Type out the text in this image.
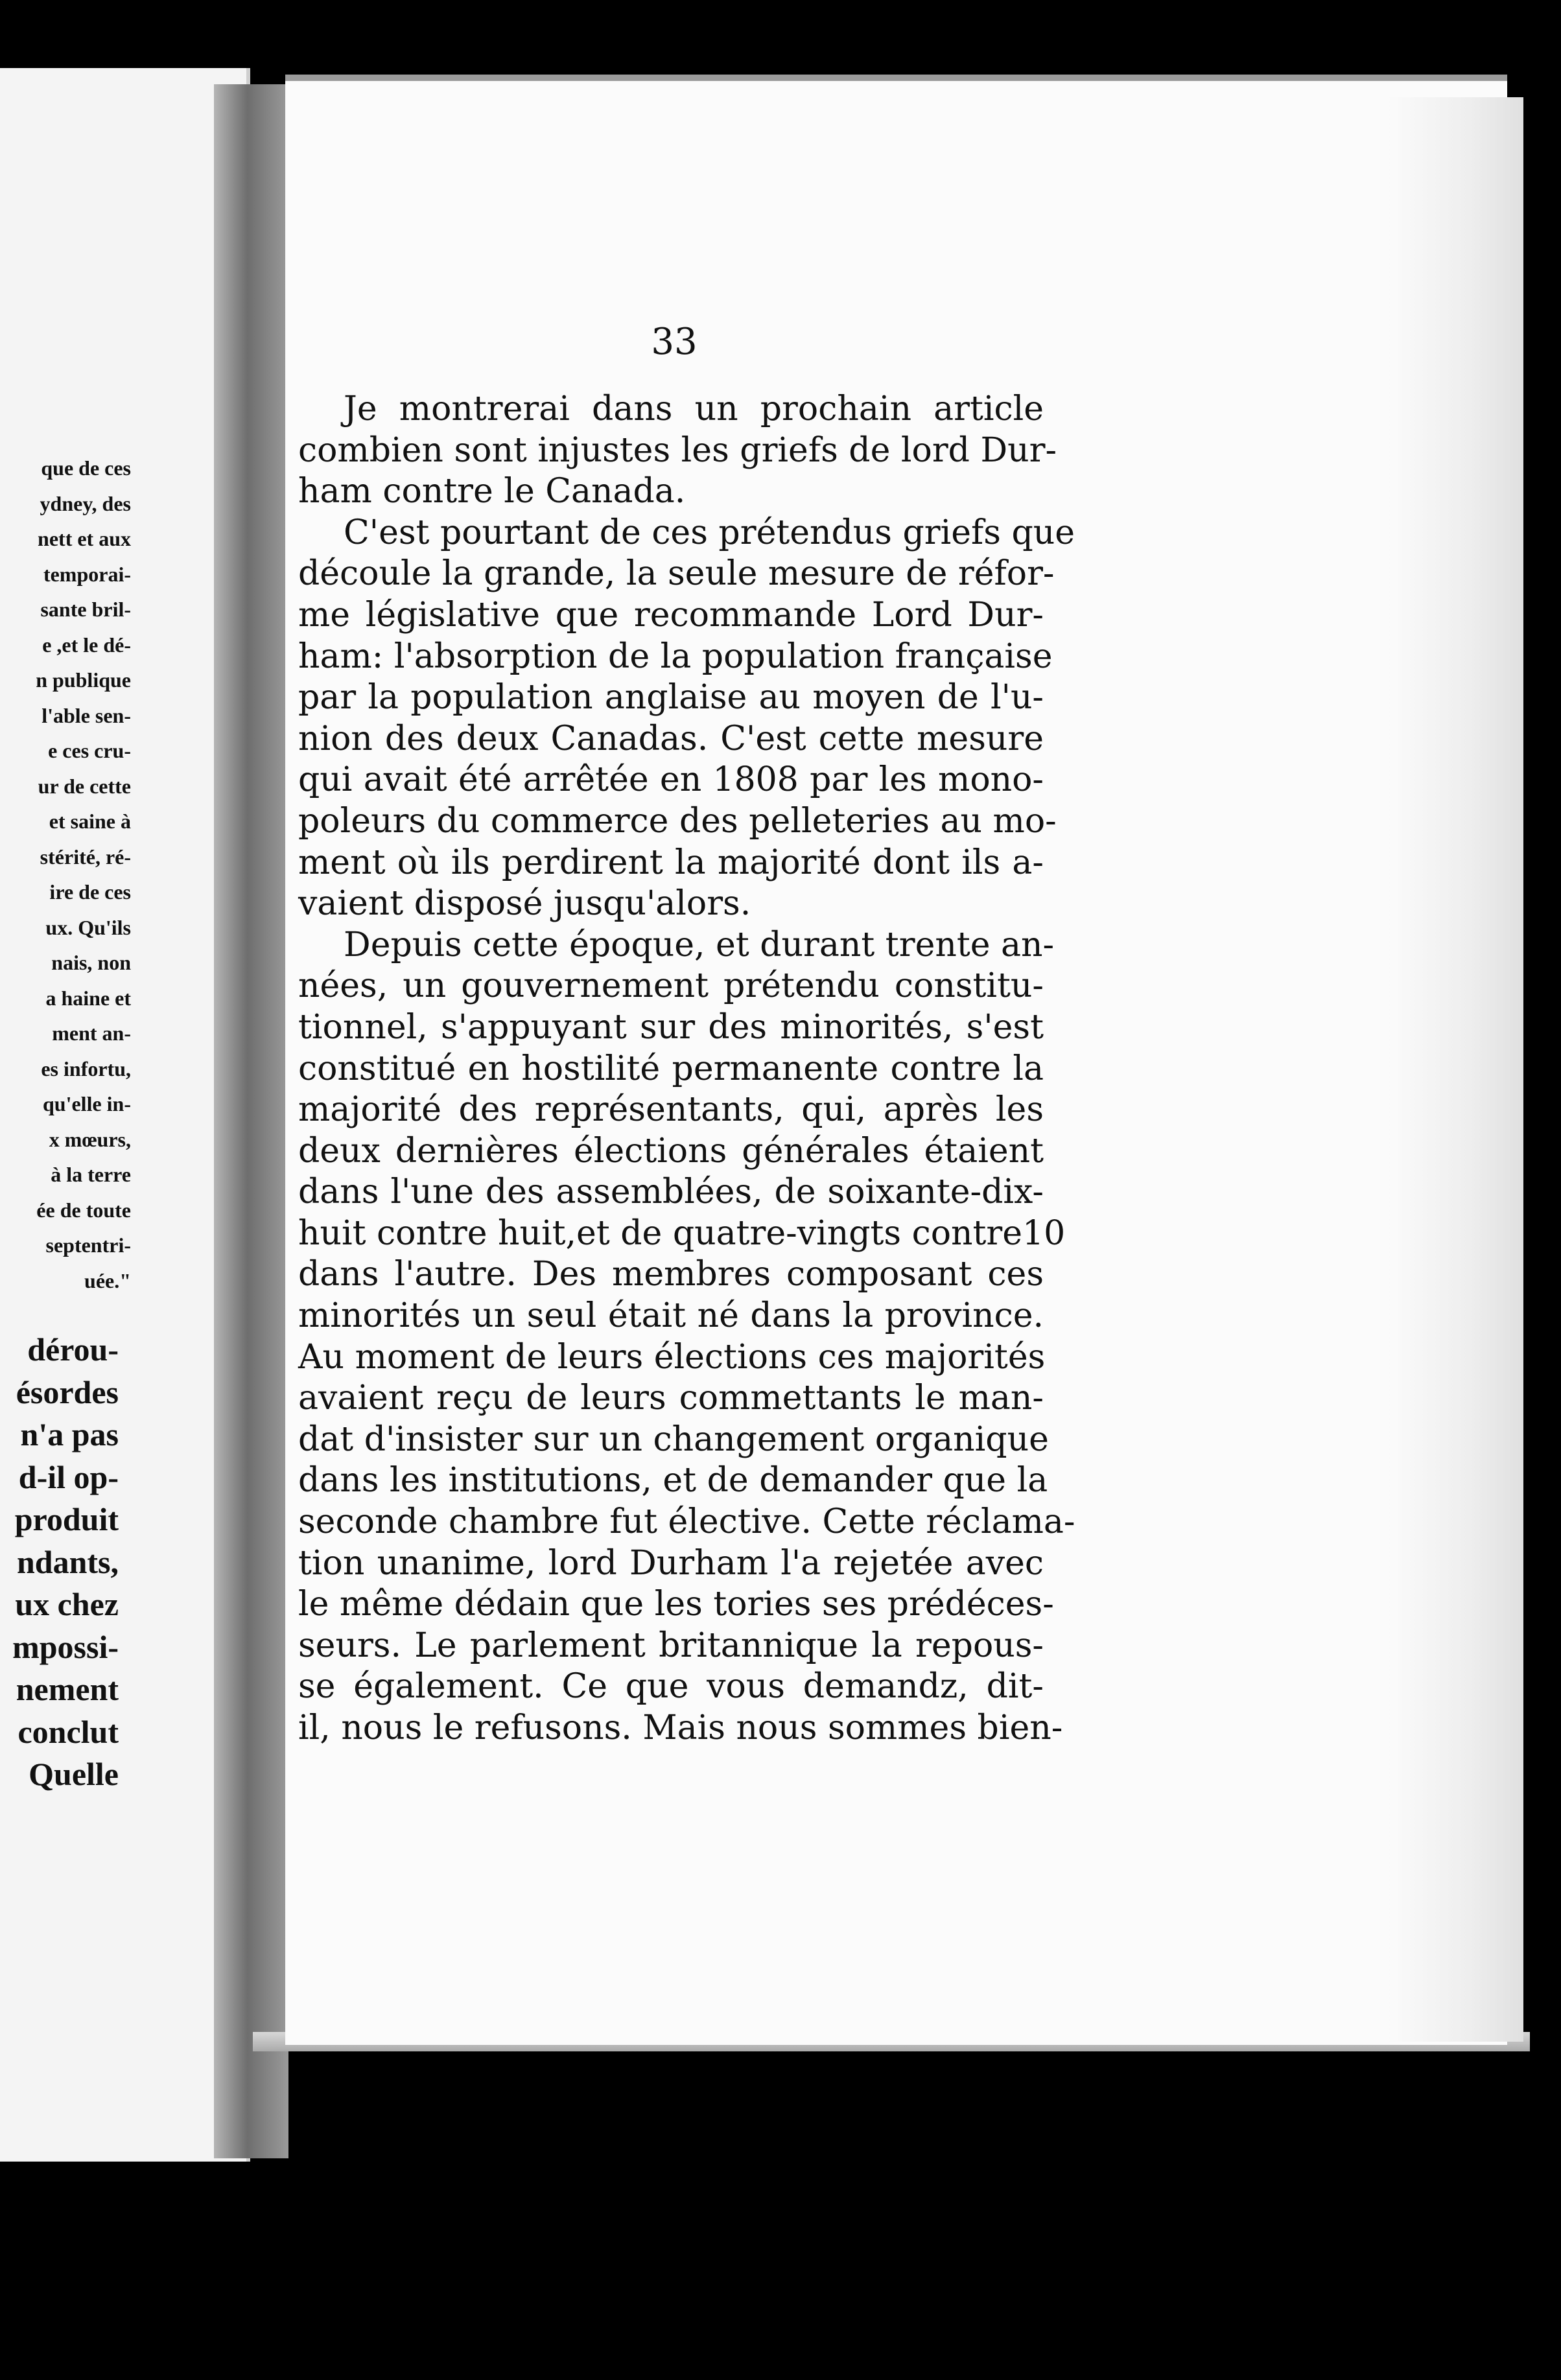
que de ces
ydney, des
nett et aux
temporai-
sante bril-
e ,et le dé-
n publique
l'able sen-
e ces cru-
ur de cette
et saine à
stérité, ré-
ire de ces
ux. Qu'ils
nais, non
a haine et
ment an-
es infortu,
qu'elle in-
x mœurs,
à la terre
ée de toute
septentri-
uée."
dérou-
ésordes
n'a pas
d-il op-
produit
ndants,
ux chez
mpossi-
nement
conclut
Quelle
33
Je montrerai dans un prochain article
combien sont injustes les griefs de lord Dur-
ham contre le Canada.
C'est pourtant de ces prétendus griefs que
découle la grande, la seule mesure de réfor-
me législative que recommande Lord Dur-
ham: l'absorption de la population française
par la population anglaise au moyen de l'u-
nion des deux Canadas. C'est cette mesure
qui avait été arrêtée en 1808 par les mono-
poleurs du commerce des pelleteries au mo-
ment où ils perdirent la majorité dont ils a-
vaient disposé jusqu'alors.
Depuis cette époque, et durant trente an-
nées, un gouvernement prétendu constitu-
tionnel, s'appuyant sur des minorités, s'est
constitué en hostilité permanente contre la
majorité des représentants, qui, après les
deux dernières élections générales étaient
dans l'une des assemblées, de soixante-dix-
huit contre huit,et de quatre-vingts contre10
dans l'autre. Des membres composant ces
minorités un seul était né dans la province.
Au moment de leurs élections ces majorités
avaient reçu de leurs commettants le man-
dat d'insister sur un changement organique
dans les institutions, et de demander que la
seconde chambre fut élective. Cette réclama-
tion unanime, lord Durham l'a rejetée avec
le même dédain que les tories ses prédéces-
seurs. Le parlement britannique la repous-
se également. Ce que vous demandz, dit-
il, nous le refusons. Mais nous sommes bien-
